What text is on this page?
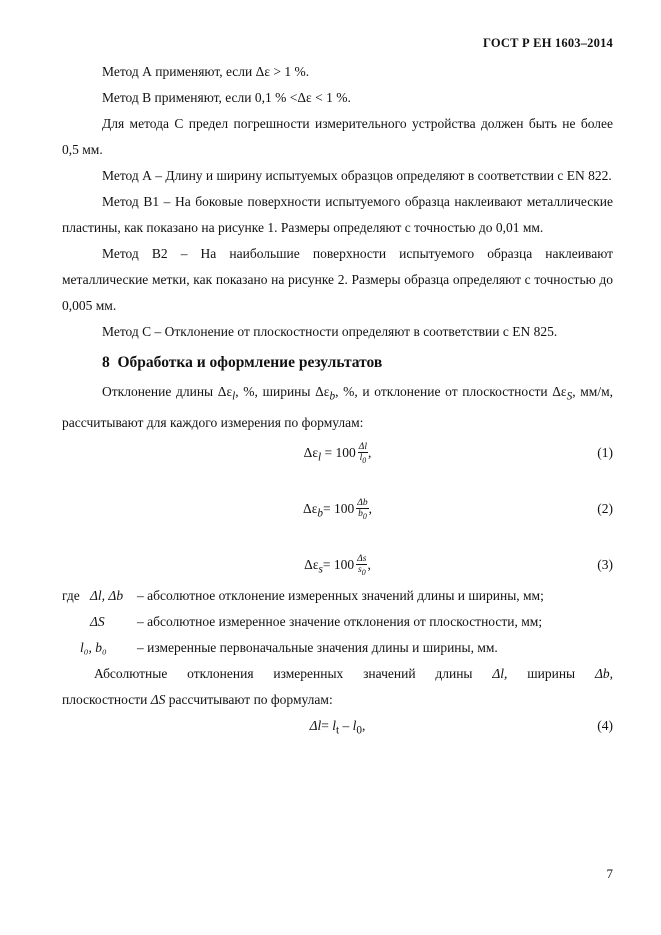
ГОСТ Р ЕН 1603–2014

Метод А применяют, если Δε > 1 %.

Метод В применяют, если 0,1 % <Δε < 1 %.

Для метода С предел погрешности измерительного устройства должен быть не более 0,5 мм.

Метод А – Длину и ширину испытуемых образцов определяют в соответствии с EN 822.

Метод В1 – На боковые поверхности испытуемого образца наклеивают металлические пластины, как показано на рисунке 1. Размеры определяют с точностью до 0,01 мм.

Метод В2 – На наибольшие поверхности испытуемого образца наклеивают металлические метки, как показано на рисунке 2. Размеры образца определяют с точностью до 0,005 мм.

Метод С – Отклонение от плоскостности определяют в соответствии с EN 825.

8 Обработка и оформление результатов

Отклонение длины $\Delta\varepsilon_l$, %, ширины $\Delta\varepsilon_b$, %, и отклонение от плоскостности $\Delta\varepsilon_S$, мм/м, рассчитывают для каждого измерения по формулам:

$\Delta\varepsilon_l = 100 \frac{\Delta l}{l_0}$ ,	(1)
$\Delta\varepsilon_b= 100 \frac{\Delta b}{b_0}$ ,	(2)
$\Delta\varepsilon_s= 100 \frac{\Delta s}{s_0}$ ,	(3)
где Δl, Δb – абсолютное отклонение измеренных значений длины и ширины, мм;
ΔS – абсолютное измеренное значение отклонения от плоскостности, мм;
l₀, b₀ – измеренные первоначальные значения длины и ширины, мм.

Абсолютные отклонения измеренных значений длины Δl, ширины Δb,

плоскостности ΔS рассчитывают по формулам:

$\Delta l= l_t - l_0$,	(4)
7
